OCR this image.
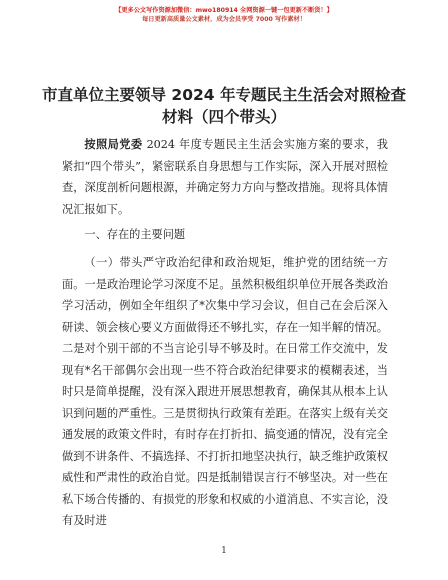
【更多公文写作资源加微信：mwo180914 全网资源一键一包更新不断货！】
每日更新高质量公文素材，成为会员享受 7000 写作素材！
市直单位主要领导 2024 年专题民主生活会对照检查材料（四个带头）

按照局党委 2024 年度专题民主生活会实施方案的要求，我紧扣“四个带头”，紧密联系自身思想与工作实际，深入开展对照检查，深度剖析问题根源，并确定努力方向与整改措施。现将具体情况汇报如下。

一、存在的主要问题

（一）带头严守政治纪律和政治规矩，维护党的团结统一方面。一是政治理论学习深度不足。虽然积极组织单位开展各类政治学习活动，例如全年组织了*次集中学习会议，但自己在会后深入研读、领会核心要义方面做得还不够扎实，存在一知半解的情况。二是对个别干部的不当言论引导不够及时。在日常工作交流中，发现有*名干部偶尔会出现一些不符合政治纪律要求的模糊表述，当时只是简单提醒，没有深入跟进开展思想教育，确保其从根本上认识到问题的严重性。三是贯彻执行政策有差距。在落实上级有关交通发展的政策文件时，有时存在打折扣、搞变通的情况，没有完全做到不讲条件、不搞选择、不打折扣地坚决执行，缺乏维护政策权威性和严肃性的政治自觉。四是抵制错误言行不够坚决。对一些在私下场合传播的、有损党的形象和权威的小道消息、不实言论，没有及时进

1
